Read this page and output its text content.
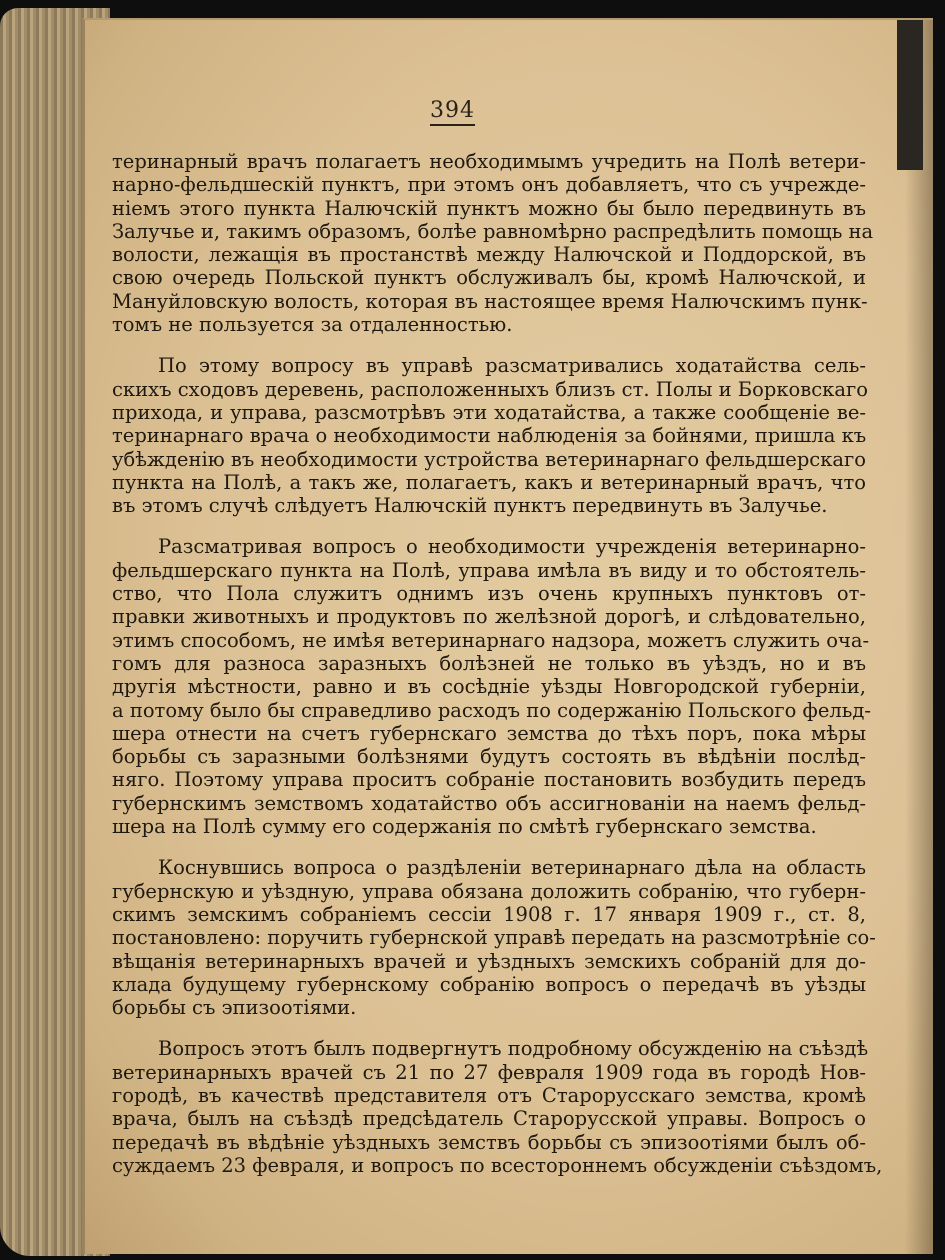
394
теринарный врачъ полагаетъ необходимымъ учредить на Полѣ ветери-
нарно-фельдшеcкій пунктъ, при этомъ онъ добавляетъ, что съ учрежде-
ніемъ этого пункта Налючскій пунктъ можно бы было передвинуть въ
Залучье и, такимъ образомъ, болѣе равномѣрно распредѣлить помощь на
волости, лежащія въ простанствѣ между Налючской и Поддорской, въ
свою очередь Польской пунктъ обслуживалъ бы, кромѣ Налючской, и
Мануйловскую волость, которая въ настоящее время Налючскимъ пунк-
томъ не пользуется за отдаленностью.
По этому вопросу въ управѣ разсматривались ходатайства сель-
скихъ сходовъ деревень, расположенныхъ близъ ст. Полы и Борковскаго
прихода, и управа, разсмотрѣвъ эти ходатайства, а также сообщеніе ве-
теринарнаго врача о необходимости наблюденія за бойнями, пришла къ
убѣжденію въ необходимости устройства ветеринарнаго фельдшерскаго
пункта на Полѣ, а такъ же, полагаетъ, какъ и ветеринарный врачъ, что
въ этомъ случѣ слѣдуетъ Налючскій пунктъ передвинуть въ Залучье.
Разсматривая вопросъ о необходимости учрежденія ветеринарно-
фельдшерскаго пункта на Полѣ, управа имѣла въ виду и то обстоятель-
ство, что Пола служитъ однимъ изъ очень крупныхъ пунктовъ от-
правки животныхъ и продуктовъ по желѣзной дорогѣ, и слѣдовательно,
этимъ способомъ, не имѣя ветеринарнаго надзора, можетъ служить оча-
гомъ для разноса заразныхъ болѣзней не только въ уѣздъ, но и въ
другія мѣстности, равно и въ сосѣдніе уѣзды Новгородской губерніи,
а потому было бы справедливо расходъ по содержанію Польского фельд-
шера отнести на счетъ губернскаго земства до тѣхъ поръ, пока мѣры
борьбы съ заразными болѣзнями будутъ состоять въ вѣдѣніи послѣд-
няго. Поэтому управа проситъ собраніе постановить возбудить передъ
губернскимъ земствомъ ходатайство объ ассигнованіи на наемъ фельд-
шера на Полѣ сумму его содержанія по смѣтѣ губернскаго земства.
Коснувшись вопроса о раздѣленіи ветеринарнаго дѣла на область
губернскую и уѣздную, управа обязана доложить собранію, что губерн-
скимъ земскимъ собраніемъ сессіи 1908 г. 17 января 1909 г., ст. 8,
постановлено: поручить губернской управѣ передать на разсмотрѣніе со-
вѣщанія ветеринарныхъ врачей и уѣздныхъ земскихъ собраній для до-
клада будущему губернскому собранію вопросъ о передачѣ въ уѣзды
борьбы съ эпизоотіями.
Вопросъ этотъ былъ подвергнутъ подробному обсужденію на съѣздѣ
ветеринарныхъ врачей съ 21 по 27 февраля 1909 года въ городѣ Нов-
городѣ, въ качествѣ представителя отъ Старорусскаго земства, кромѣ
врача, былъ на съѣздѣ предсѣдатель Старорусской управы. Вопросъ о
передачѣ въ вѣдѣніе уѣздныхъ земствъ борьбы съ эпизоотіями былъ об-
суждаемъ 23 февраля, и вопросъ по всестороннемъ обсужденіи съѣздомъ,
